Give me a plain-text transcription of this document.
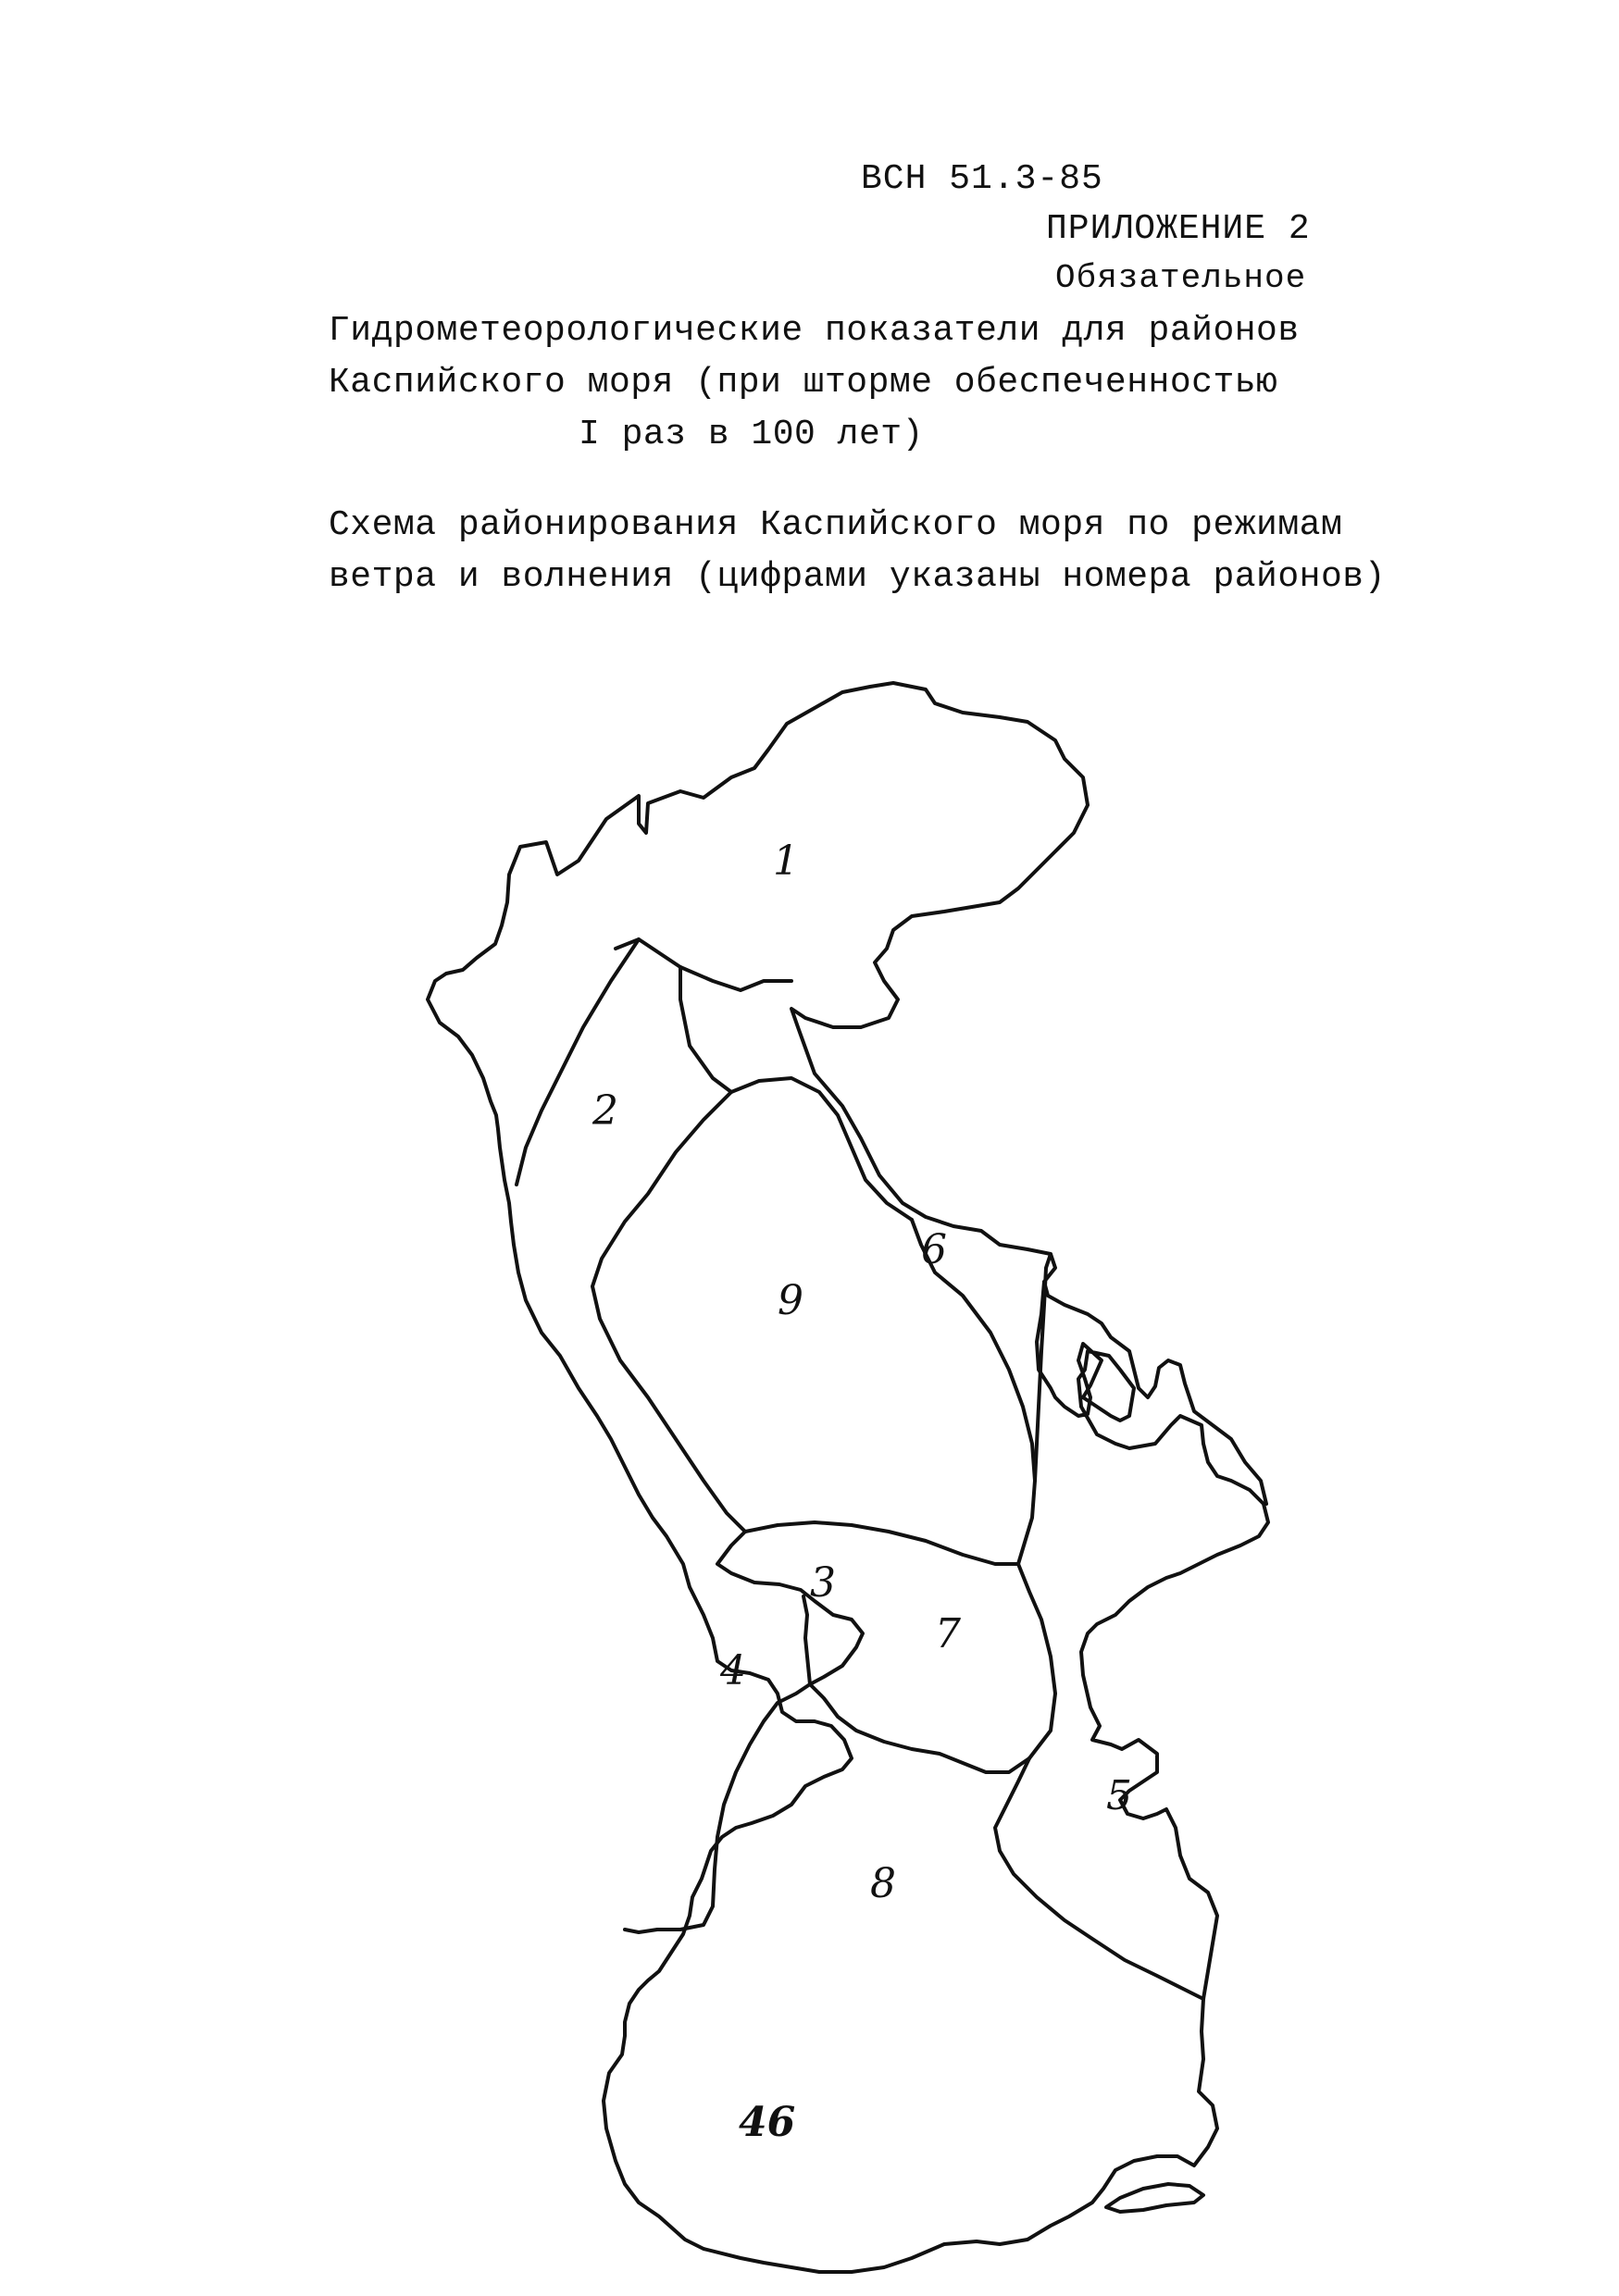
ВСН 51.3-85
ПРИЛОЖЕНИЕ 2
Обязательное
Гидрометеорологические показатели для районов
Каспийского моря (при шторме обеспеченностью

I раз в 100 лет)
Схема районирования Каспийского моря по режимам
ветра и волнения (цифрами указаны номера районов)
1
2
3
4
5
6
7
8
9
46
